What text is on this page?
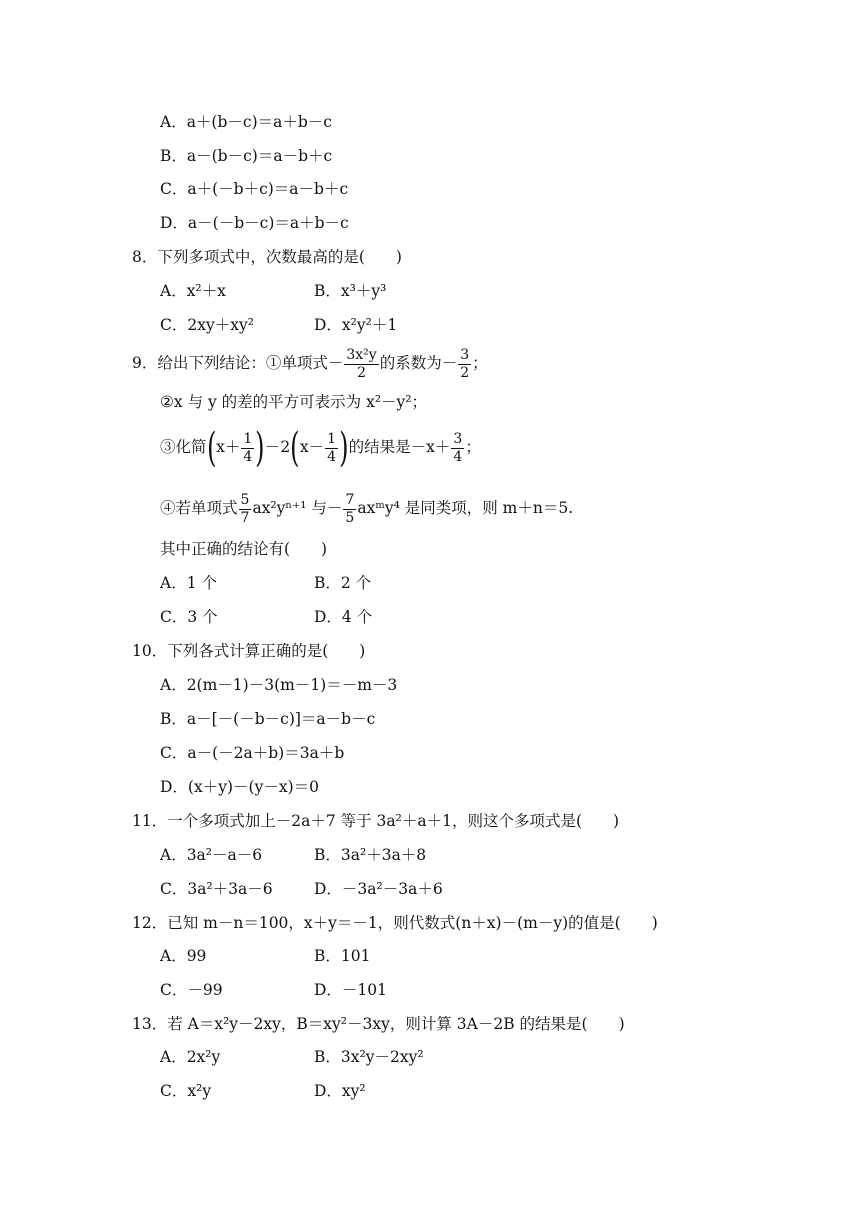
A．a＋(b－c)＝a＋b－c
B．a－(b－c)＝a－b＋c
C．a＋(－b＋c)＝a－b＋c
D．a－(－b－c)＝a＋b－c
8．下列多项式中，次数最高的是(　　)
A．x²＋x	B．x³＋y³
C．2xy＋xy²	D．x²y²＋1
9．给出下列结论：①单项式－ $\frac{\text{3x²y}}{2}$ 的系数为－ $\frac{3}{2}$ ；
②x 与 y 的差的平方可表示为 x²－y²；
③化简$(x+ \frac{1}{4} )-2(x- \frac{1}{4}$ )的结果是$-x+ \frac{3}{4}$ ；
④若单项式 $\frac{5}{7} ax^2y^{n+1}$ 与－ $\frac{7}{5}$ axᵐy⁴ 是同类项，则 m＋n＝5.
其中正确的结论有(　　)
A．1 个	B．2 个
C．3 个	D．4 个
10．下列各式计算正确的是(　　)
A．2(m－1)－3(m－1)＝－m－3
B．a－[－(－b－c)]＝a－b－c
C．a－(－2a＋b)＝3a＋b
D．(x＋y)－(y－x)＝0
11．一个多项式加上－2a＋7 等于 3a²＋a＋1，则这个多项式是(　　)
A．3a²－a－6	B．3a²＋3a＋8
C．3a²＋3a－6	D．－3a²－3a＋6
12．已知 m－n＝100，x＋y＝－1，则代数式(n＋x)－(m－y)的值是(　　)
A．99	B．101
C．－99	D．－101
13．若 A＝x²y－2xy，B＝xy²－3xy，则计算 3A－2B 的结果是(　　)
A．2x²y	B．3x²y－2xy²
C．x²y	D．xy²
